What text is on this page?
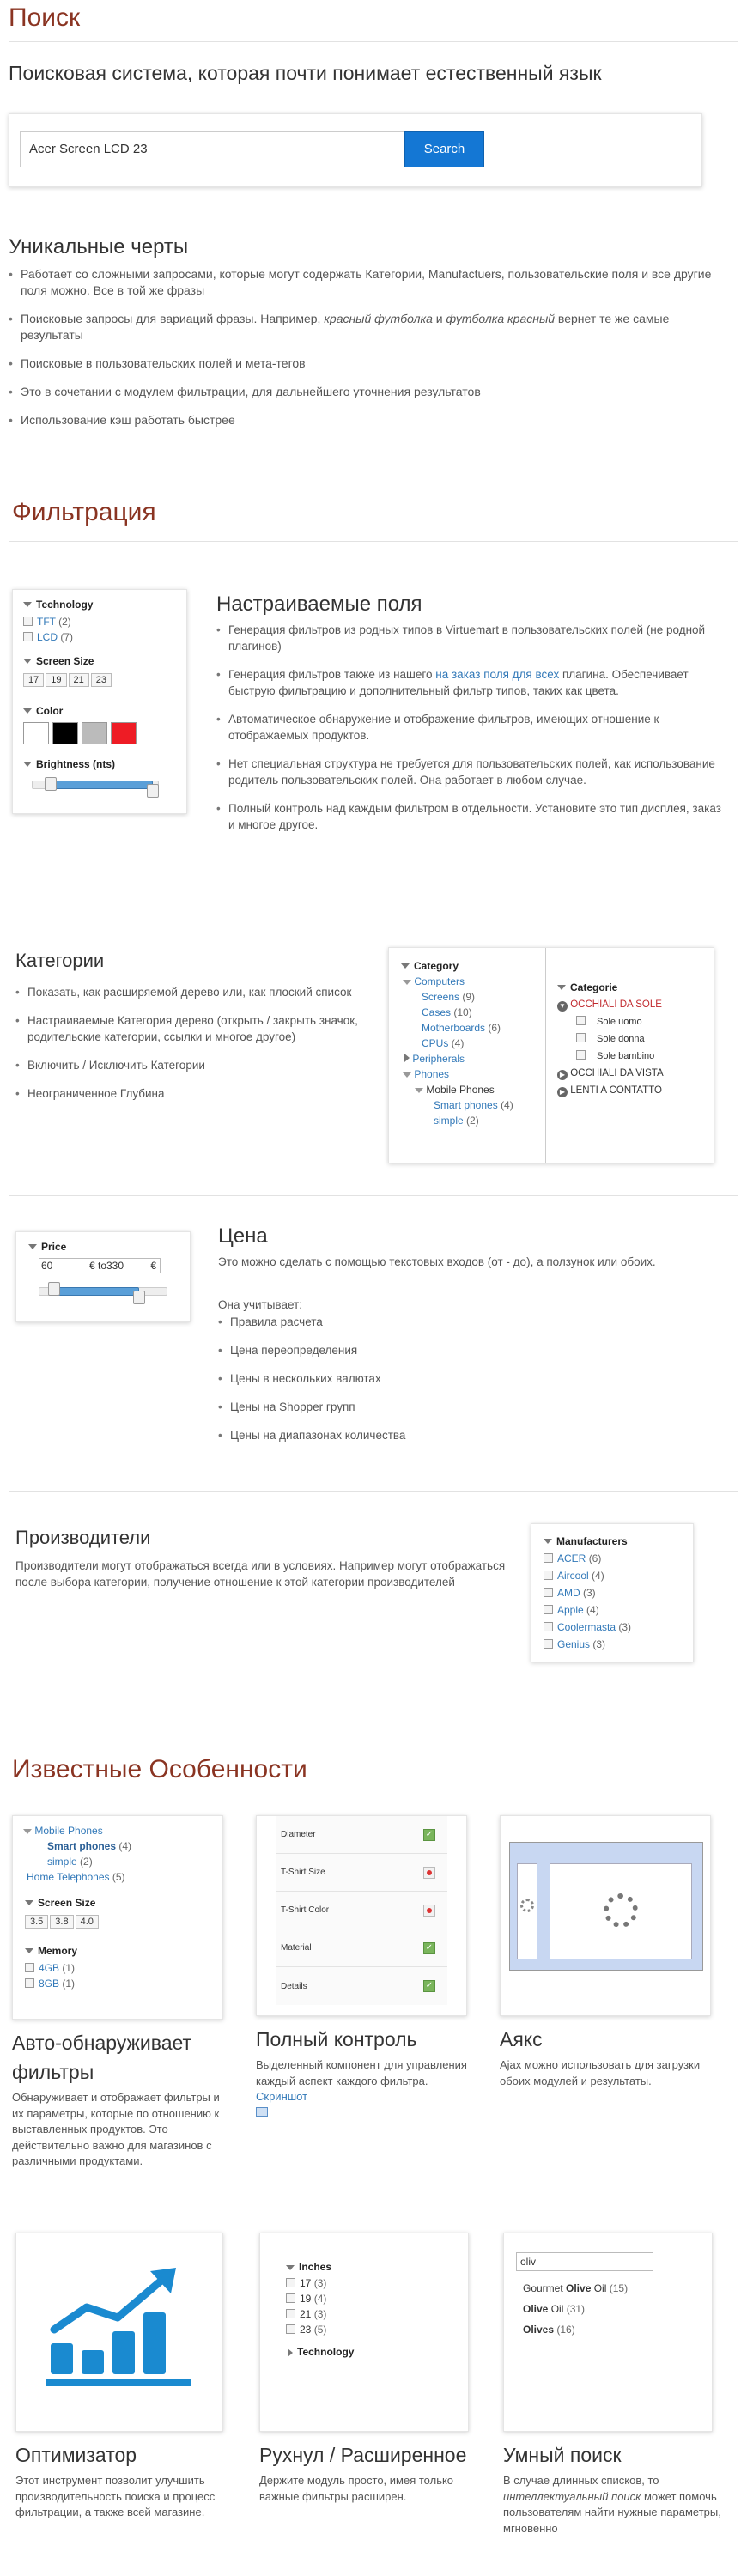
Поиск
Поисковая система, которая почти понимает естественный язык
Acer Screen LCD 23	Search
Уникальные черты
• Работает со сложными запросами, которые могут содержать Категории, Manufactuers, пользовательские поля и все другие поля можно. Все в той же фразы
• Поисковые запросы для вариаций фразы. Например, красный футболка и футболка красный вернет те же самые результаты
• Поисковые в пользовательских полей и мета-тегов
• Это в сочетании с модулем фильтрации, для дальнейшего уточнения результатов
• Использование кэш работать быстрее
Фильтрация
Technology
TFT (2)
LCD (7)
Screen Size
17 19 21 23
Color
Brightness (nts)
Настраиваемые поля
• Генерация фильтров из родных типов в Virtuemart в пользовательских полей (не родной плагинов)
• Генерация фильтров также из нашего на заказ поля для всех плагина. Обеспечивает быструю фильтрацию и дополнительный фильтр типов, таких как цвета.
• Автоматическое обнаружение и отображение фильтров, имеющих отношение к отображаемых продуктов.
• Нет специальная структура не требуется для пользовательских полей, как использование родитель пользовательских полей. Она работает в любом случае.
• Полный контроль над каждым фильтром в отдельности. Установите это тип дисплея, заказ и многое другое.
Категории
• Показать, как расширяемой дерево или, как плоский список
• Настраиваемые Категория дерево (открыть / закрыть значок, родительские категории, ссылки и многое другое)
• Включить / Исключить Категории
• Неограниченное Глубина
Category
Computers
Screens (9)
Cases (10)
Motherboards (6)
CPUs (4)
Peripherals
Phones
Mobile Phones
Smart phones (4)
simple (2)
Categorie
▼ OCCHIALI DA SOLE
Sole uomo
Sole donna
Sole bambino
▶ OCCHIALI DA VISTA
▶ LENTI A CONTATTO
Price
60	€ to 330	€
Цена
Это можно сделать с помощью текстовых входов (от - до), а ползунок или обоих.
Она учитывает:
• Правила расчета
• Цена переопределения
• Цены в нескольких валютах
• Цены на Shopper групп
• Цены на диапазонах количества
Производители
Производители могут отображаться всегда или в условиях. Например могут отображаться после выбора категории, получение отношение к этой категории производителей
Manufacturers
ACER (6)
Aircool (4)
AMD (3)
Apple (4)
Coolermasta (3)
Genius (3)
Известные Особенности
Mobile Phones
Smart phones (4)
simple (2)
Home Telephones (5)
Screen Size
3.5 3.8 4.0
Memory
4GB (1)
8GB (1)
Авто-обнаруживает фильтры
Обнаруживает и отображает фильтры и их параметры, которые по отношению к выставленных продуктов. Это действительно важно для магазинов с различными продуктами.
Diameter	✓
T-Shirt Size
T-Shirt Color
Material	✓
Details	✓
Полный контроль
Выделенный компонент для управления каждый аспект каждого фильтра. Скриншот

Аякс
Ajax можно использовать для загрузки обоих модулей и результаты.
Оптимизатор
Этот инструмент позволит улучшить производительность поиска и процесс фильтрации, а также всей магазине.
Inches
17 (3)
19 (4)
21 (3)
23 (5)
Technology
Рухнул / Расширенное
Держите модуль просто, имея только важные фильтры расширен.
oliv
Gourmet Olive Oil (15)
Olive Oil (31)
Olives (16)
Умный поиск
В случае длинных списков, то интеллектуальный поиск может помочь пользователям найти нужные параметры, мгновенно
